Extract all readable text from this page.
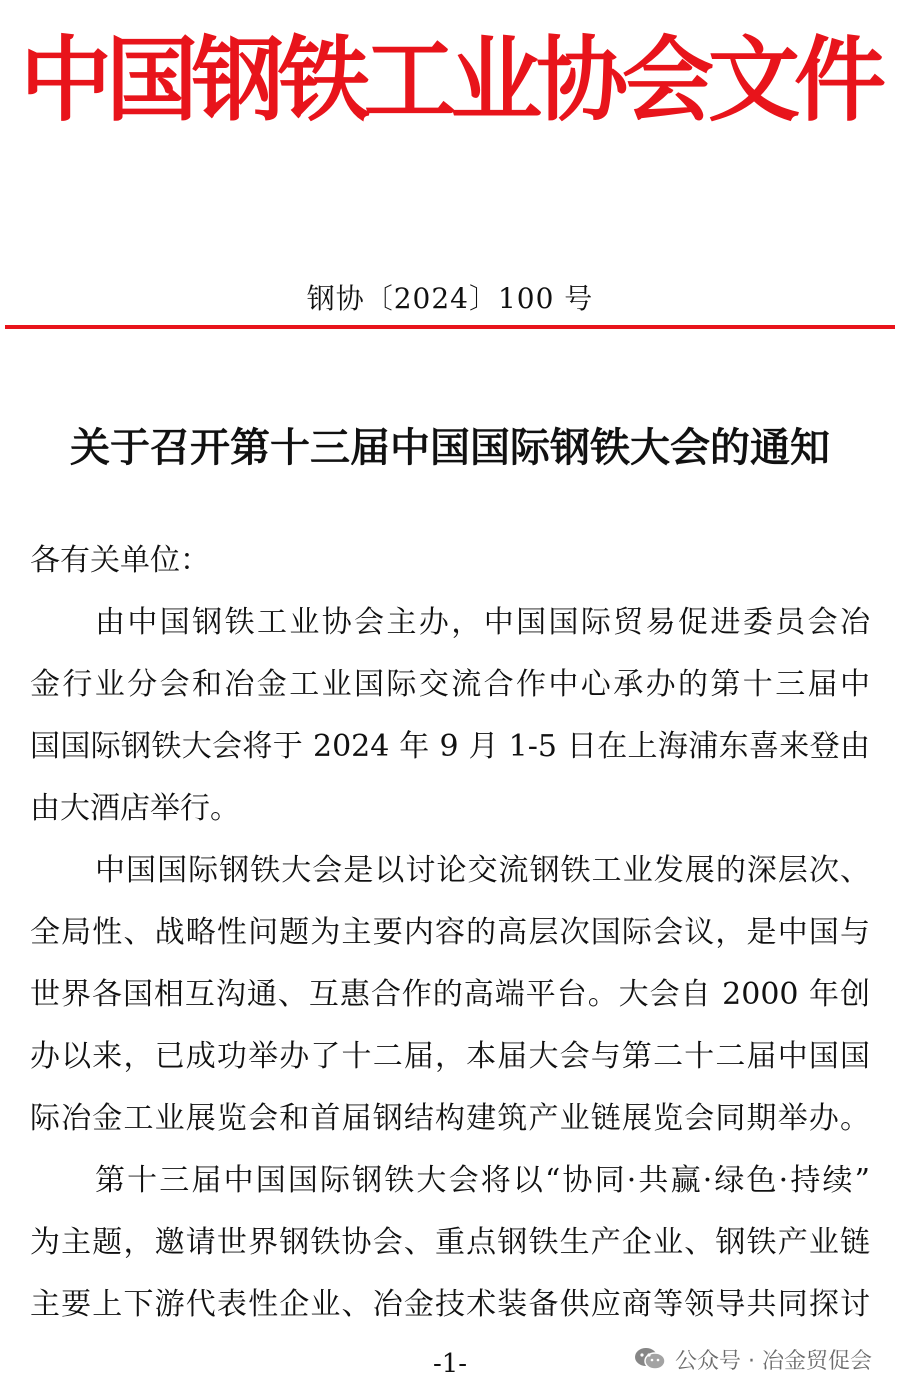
中国钢铁工业协会文件
钢协〔2024〕100 号
关于召开第十三届中国国际钢铁大会的通知
各有关单位：
由中国钢铁工业协会主办，中国国际贸易促进委员会冶
金行业分会和冶金工业国际交流合作中心承办的第十三届中
国国际钢铁大会将于 2024 年 9 月 1-5 日在上海浦东喜来登由
由大酒店举行。
中国国际钢铁大会是以讨论交流钢铁工业发展的深层次、
全局性、战略性问题为主要内容的高层次国际会议，是中国与
世界各国相互沟通、互惠合作的高端平台。大会自 2000 年创
办以来，已成功举办了十二届，本届大会与第二十二届中国国
际冶金工业展览会和首届钢结构建筑产业链展览会同期举办。
第十三届中国国际钢铁大会将以“协同·共赢·绿色·持续”
为主题，邀请世界钢铁协会、重点钢铁生产企业、钢铁产业链
主要上下游代表性企业、冶金技术装备供应商等领导共同探讨
-1-	公众号 · 冶金贸促会
